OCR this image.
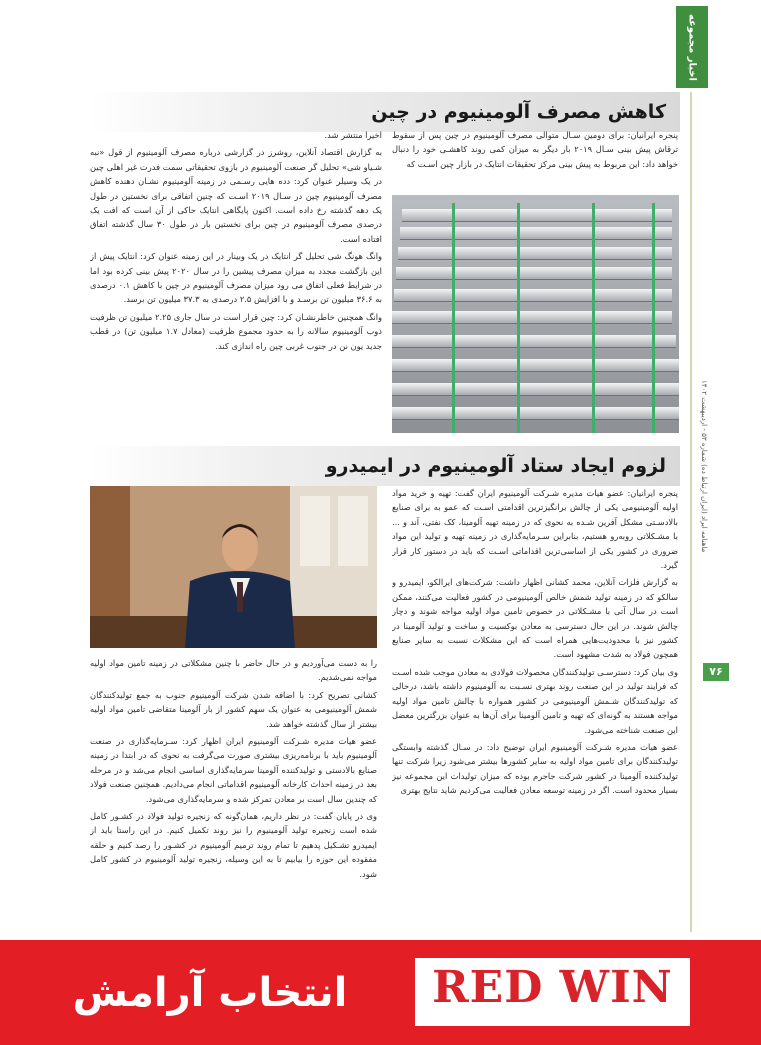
اخبار مجموعه
ماهنامه ایراد (ایران ارتباط ده) شماره ۵۳ - اردیبهشت ۱۴۰۲
۷۶
کاهش مصرف آلومینیوم در چین

پنجره ایرانیان: برای دومین سـال متوالی مصرف آلومینیوم در چین پس از سقوط ترقاش پیش بینی سـال ۲۰۱۹ بار دیگر به میزان کمی روند کاهشـی خود را دنبال خواهد داد: این مربوط به پیش بینی مرکز تحقیقات انتایک در بازار چین اسـت که

اخیرا منتشر شد.

به گزارش اقتصاد آنلاین، روشرز در گزارشی درباره مصرف آلومینیوم از قول «نبه شـیاو شی» تحلیل گر صنعت آلومینیوم در بازوی تحقیقاتی سمت فدرت غیر اهلی چین در یک وسیلر عنوان کرد: دده هایی رسـمی در زمینه آلومینیوم نشـان دهنده کاهش مصرف آلومینیوم چین در سـال ۲۰۱۹ اسـت که چنین اتفاقی برای نخستین در طول یک دهه گذشته رخ داده است. اکنون پایگاهی انتایک حاکی از آن است که افت یک درصدی مصرف آلومینیوم در چین برای نخستین بار در طول ۳۰ سال گذشته اتفاق افتاده است.

وانگ هونگ شی تحلیل گر انتایک در یک وبینار در این زمینه عنوان کرد: انتایک پیش از این بازگشت مجدد به میزان مصرف پیشین را در سال ۲۰۲۰ پیش بینی کرده بود اما در شرایط فعلی اتفاق می رود میزان مصرف آلومینیوم در چین با کاهش ۰.۱ درصدی به ۳۶.۶ میلیون تن برسـد و با افزایش ۲.۵ درصدی به ۳۷.۳ میلیون تن برسد.

وانگ همچنین خاطرنشـان کرد: چین قرار است در سال جاری ۲.۲۵ میلیون تن ظرفیت ذوب آلومینیوم سالانه را به حدود مجموع ظرفیت (معادل ۱.۷ میلیون تن) در قطب جدید یون نن در جنوب غربی چین راه اندازی کند.

لزوم ایجاد ستاد آلومینیوم در ایمیدرو

پنجره ایرانیان: عضو هیات مدیره شـرکت آلومینیوم ایران گفت: تهیه و خرید مواد اولیه آلومینیومی یکی از چالش برانگیزترین اقدامتی اسـت که عمو به برای صنایع بالادسـتی مشکل آفرین شـده به نحوی که در زمینه تهیه آلومینا، کک نفتی، آند و ... با مشـکلاتی روبه‌رو هستیم، بنابراین سـرمایه‌گذاری در زمینه تهیه و تولید این مواد ضروری در کشور یکی از اساسی‌ترین اقداماتی اسـت که باید در دستور کار قرار گیرد.

به گزارش فلزات آنلاین، محمد کشانی اظهار داشت: شرکت‌های ایرالکو، ایمیدرو و سالکو که در زمینه تولید شمش خالص آلومینیومی در کشور فعالیت می‌کنند، ممکن است در سال آتی با مشـکلاتی در خصوص تامین مواد اولیه مواجه شوند و دچار چالش شوند. در این حال دسترسی به معادن بوکسیت و ساخت و تولید آلومینا در کشور نیز با محدودیت‌هایی همراه است که این مشکلات نسبت به سایر صنایع همچون فولاد به شدت مشهود است.

وی بیان کرد: دسترسـی تولیدکنندگان محصولات فولادی به معادن موجب شده اسـت که فرایند تولید در این صنعت روند بهتری نسـبت به آلومینیوم داشته باشد، درحالی که تولیدکنندگان شـمش آلومینیومی در کشور همواره با چالش تامین مواد اولیه مواجه هستند به گونه‌ای که تهیه و تامین آلومینا برای آن‌ها به عنوان بزرگترین معضل این صنعت شناخته می‌شود.

عضو هیات مدیره شـرکت آلومینیوم ایران توضیح داد: در سـال گذشته وابستگی تولیدکنندگان برای تامین مواد اولیه به سایر کشورها بیشتر می‌شود زیرا شرکت تنها تولیدکننده آلومینا در کشور شرکت جاجرم بوده که میزان تولیدات این مجموعه نیز بسیار محدود است. اگر در زمینه توسعه معادن فعالیت می‌کردیم شاید نتایج بهتری

را به دست می‌آوردیم و در حال حاضر با چنین مشکلاتی در زمینه تامین مواد اولیه مواجه نمی‌شدیم.

کشانی تصریح کرد: با اضافه شدن شرکت آلومینیوم جنوب به جمع تولیدکنندگان شمش آلومینیومی به عنوان یک سهم کشور از بار آلومینا متقاضی تامین مواد اولیه بیشتر از سال گذشته خواهد شد.

عضو هیات مدیره شـرکت آلومینیوم ایران اظهار کرد: سـرمایه‌گذاری در صنعت آلومینیوم باید با برنامه‌ریزی بیشتری صورت می‌گرفت به نحوی که در ابتدا در زمینه صنایع بالادستی و تولیدکننده آلومینا سرمایه‌گذاری اساسی انجام می‌شد و در مرحله بعد در زمینه احداث کارخانه آلومینیوم اقداماتی انجام می‌دادیم. همچنین صنعت فولاد که چندین سال است بر معادن تمرکز شده و سرمایه‌گذاری می‌شود.

وی در پایان گفت: در نظر داریم، همان‌گونه که زنجیره تولید فولاد در کشـور کامل شده است زنجیره تولید آلومینیوم را نیز روند تکمیل کنیم. در این راستا باید از ایمیدرو تشـکیل پدهیم تا تمام روند ترمیم آلومینیوم در کشـور را رصد کنیم و حلقه مفقوده این حوزه را بیابیم تا به این وسیله، زنجیره تولید آلومینیوم در کشور کامل شود.

RED WIN
انتخاب آرامش
